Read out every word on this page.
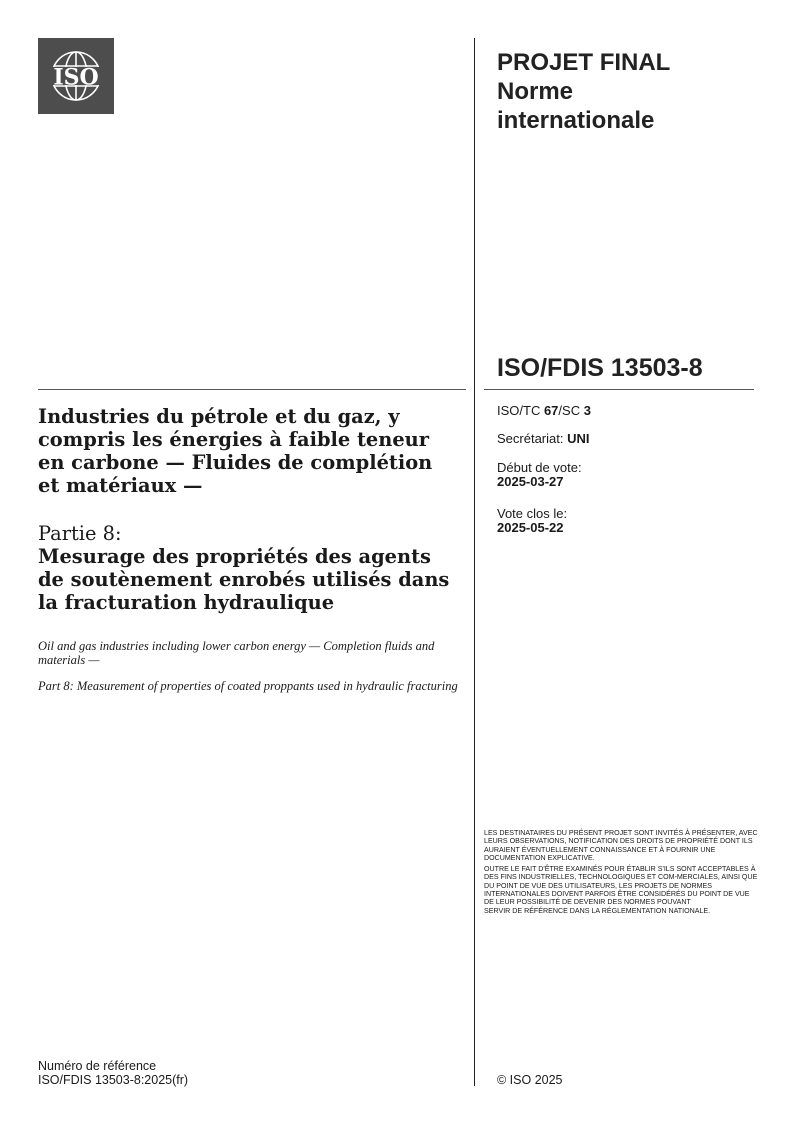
ISO
PROJET FINAL
Norme
internationale
ISO/FDIS 13503-8
ISO/TC 67/SC 3
Secrétariat: UNI
Début de vote:
2025-03-27
Vote clos le:
2025-05-22
Industries du pétrole et du gaz, y compris les énergies à faible teneur en carbone — Fluides de complétion et matériaux —
Partie 8:
Mesurage des propriétés des agents de soutènement enrobés utilisés dans la fracturation hydraulique
Oil and gas industries including lower carbon energy — Completion fluids and materials —
Part 8: Measurement of properties of coated proppants used in hydraulic fracturing

LES DESTINATAIRES DU PRÉSENT PROJET SONT INVITÉS À PRÉSENTER, AVEC LEURS OBSERVATIONS, NOTIFICATION DES DROITS DE PROPRIÉTÉ DONT ILS AURAIENT ÉVENTUELLEMENT CONNAISSANCE ET À FOURNIR UNE DOCUMENTATION EXPLICATIVE.

OUTRE LE FAIT D'ÊTRE EXAMINÉS POUR ÉTABLIR S'ILS SONT ACCEPTABLES À DES FINS INDUSTRIELLES, TECHNOLOGIQUES ET COM-MERCIALES, AINSI QUE DU POINT DE VUE DES UTILISATEURS, LES PROJETS DE NORMES
INTERNATIONALES DOIVENT PARFOIS ÊTRE CONSIDÉRÉS DU POINT DE VUE DE LEUR POSSIBILITÉ DE DEVENIR DES NORMES POUVANT
SERVIR DE RÉFÉRENCE DANS LA RÉGLEMENTATION NATIONALE.

Numéro de référence
ISO/FDIS 13503-8:2025(fr)	© ISO 2025
